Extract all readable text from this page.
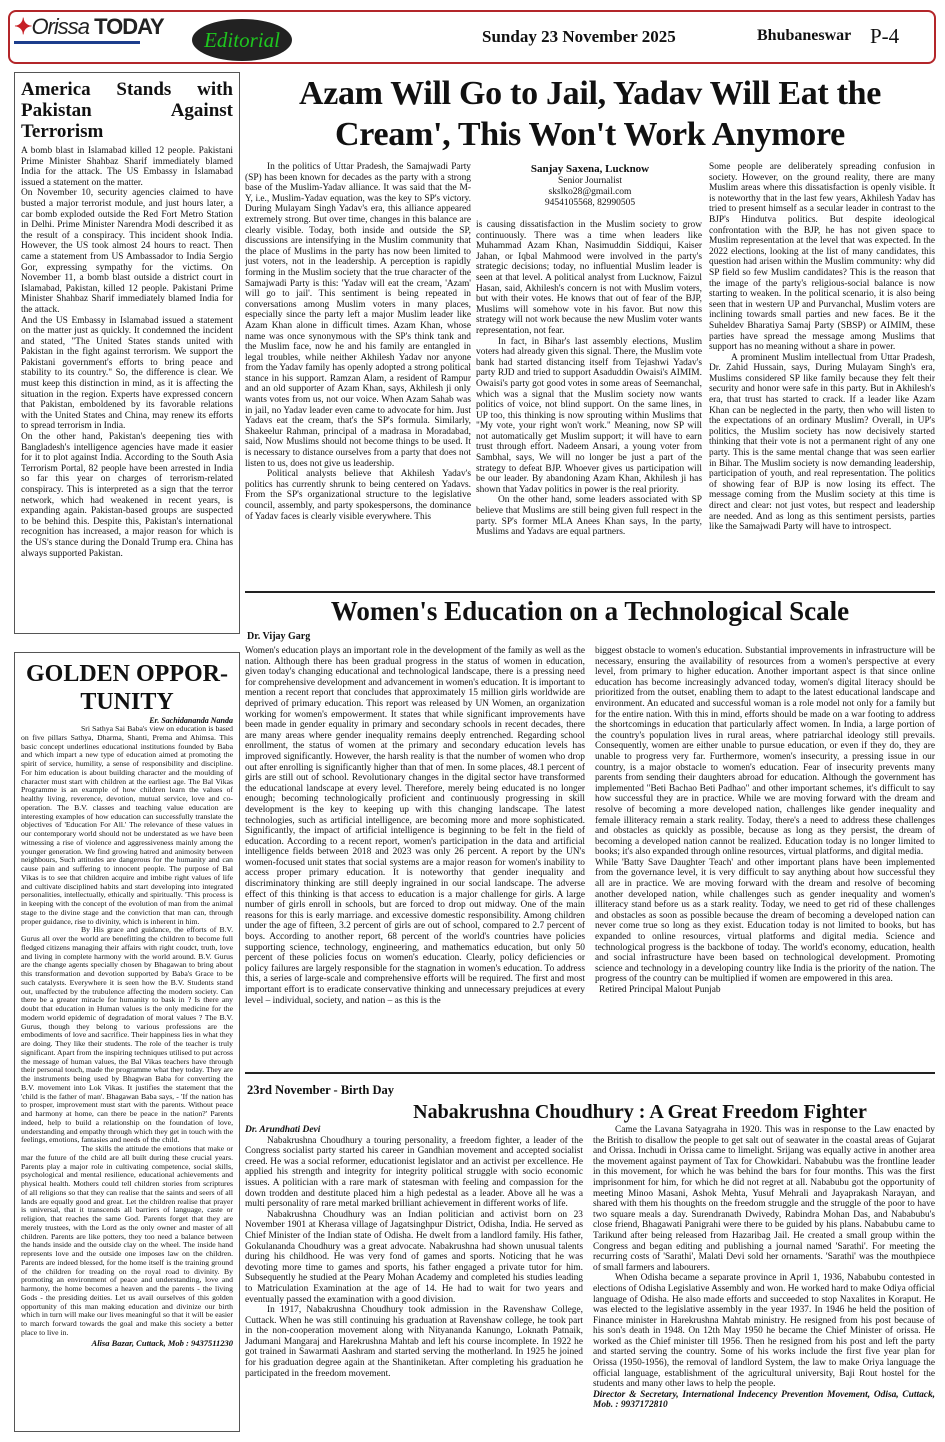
✦Orissa TODAY
Editorial	Sunday 23 November 2025	Bhubaneswar P-4
America Stands with Pakistan Against Terrorism

A bomb blast in Islamabad killed 12 people. Pakistani Prime Minister Shahbaz Sharif immediately blamed India for the attack. The US Embassy in Islamabad issued a statement on the matter.

On November 10, security agencies claimed to have busted a major terrorist module, and just hours later, a car bomb exploded outside the Red Fort Metro Station in Delhi. Prime Minister Narendra Modi described it as the result of a conspiracy. This incident shook India. However, the US took almost 24 hours to react. Then came a statement from US Ambassador to India Sergio Gor, expressing sympathy for the victims. On November 11, a bomb blast outside a district court in Islamabad, Pakistan, killed 12 people. Pakistani Prime Minister Shahbaz Sharif immediately blamed India for the attack.

And the US Embassy in Islamabad issued a statement on the matter just as quickly. It condemned the incident and stated, "The United States stands united with Pakistan in the fight against terrorism. We support the Pakistani government's efforts to bring peace and stability to its country." So, the difference is clear. We must keep this distinction in mind, as it is affecting the situation in the region. Experts have expressed concern that Pakistan, emboldened by its favorable relations with the United States and China, may renew its efforts to spread terrorism in India.

On the other hand, Pakistan's deepening ties with Bangladesh's intelligence agencies have made it easier for it to plot against India. According to the South Asia Terrorism Portal, 82 people have been arrested in India so far this year on charges of terrorism-related conspiracy. This is interpreted as a sign that the terror network, which had weakened in recent years, is expanding again. Pakistan-based groups are suspected to be behind this. Despite this, Pakistan's international recognition has increased, a major reason for which is the US's stance during the Donald Trump era. China has always supported Pakistan.

GOLDEN OPPOR-TUNITY
Er. Sachidananda Nanda

Sri Sathya Sai Baba's view on education is based on five pillars Sathya, Dharma, Shanti, Prema and Ahimsa. This basic concept underlines educational institutions founded by Baba and which impart a new type of education aimed at promoting the spirit of service, humility, a sense of responsibility and discipline. For him education is about building character and the moulding of character must start with children at the earliest age. The Bal Vikas Programme is an example of how children learn the values of healthy living, reverence, devotion, mutual service, love and co-operation. The B.V. classes and teaching value education are interesting examples of how education can successfully translate the objectives of 'Education For All.' The relevance of these values in our contemporary world should not be understated as we have been witnessing a rise of violence and aggressiveness mainly among the younger generation. We find growing hatred and animosity between neighbours, Such attitudes are dangerous for the humanity and can cause pain and suffering to innocent people. The purpose of Bal Vikas is to see that children acquire and imbibe right values of life and cultivate disciplined habits and start developing into integrated personalities, intellectually, ethically and spiritually. 'This process is in keeping with the concept of the evolution of man from the animal stage to the divine stage and the conviction that man can, through proper guidance, rise to divinity, which is inherent in him.

By His grace and guidance, the efforts of B.V. Gurus all over the world are benefitting the children to become full fledged citizens managing their affairs with right coudct, truth, love and living in complete harmony with the world around. B.V. Gurus are the change agents specially chosen by Bhagawan to bring about this transformation and devotion supported by Baba's Grace to be such catalysts. Everywhere it is seen how the B.V. Students stand out, unaffected by the trubulence affecting the modern society. Can there be a greater miracle for humanity to bask in ? Is there any doubt that education in Human values is the only medicine for the modern world epidemic of degradation of moral values ? The B.V. Gurus, though they belong to various professions are the embodiments of love and sacrifice. Their happiness lies in what they are doing. They like their students. The role of the teacher is truly significant. Apart from the inspiring techniques utilised to put across the message of human values, the Bal Vikas teachers have through their personal touch, made the programme what they today. They are the instruments being used by Bhagwan Baba for converting the B.V. movement into Lok Vikas. It justifies the statement that the 'child is the father of man'. Bhagawan Baba says, - 'If the nation has to prosper, improvement must start with the parents. Without peace and harmony at home, can there be peace in the nation?' Parents indeed, help to build a relationship on the foundation of love, understanding and empathy through which they get in touch with the feelings, emotions, fantasies and needs of the child.

The skills the attitude the emotions that make or mar the future of the child are all built during these crucial years. Parents play a major role in cultivating competence, social skills, psychological and mental resilience, educational achievements and physical health. Mothers could tell children stories from scriptures of all religions so that they can realise that the saints and seers of all lands are equally good and great. Let the children realise that prayer is universal, that it transcends all barriers of language, caste or religion, that reaches the same God. Parents forget that they are merely trustees, with the Lord as the only owner and master of all children. Parents are like potters, they too need a balance between the hands inside and the outside clay on the wheel. The inside hand represents love and the outside one imposes law on the children. Parents are indeed blessed, for the home itself is the training ground of the children for treading on the royal road to divinity. By promoting an environment of peace and understanding, love and harmony, the home becomes a heaven and the parents - the living Gods - the presiding deities. Let us avail ourselves of this golden opportunity of this man making education and divinize our birth which in turn will make our lives meaningful so that it will be easier to march forward towards the goal and make this society a better place to live in.

Alisa Bazar, Cuttack, Mob : 9437511230
Azam Will Go to Jail, Yadav Will Eat the Cream', This Won't Work Anymore

In the politics of Uttar Pradesh, the Samajwadi Party (SP) has been known for decades as the party with a strong base of the Muslim-Yadav alliance. It was said that the M-Y, i.e., Muslim-Yadav equation, was the key to SP's victory. During Mulayam Singh Yadav's era, this alliance appeared extremely strong. But over time, changes in this balance are clearly visible. Today, both inside and outside the SP, discussions are intensifying in the Muslim community that the place of Muslims in the party has now been limited to just voters, not in the leadership. A perception is rapidly forming in the Muslim society that the true character of the Samajwadi Party is this: 'Yadav will eat the cream, 'Azam' will go to jail'. This sentiment is being repeated in conversations among Muslim voters in many places, especially since the party left a major Muslim leader like Azam Khan alone in difficult times. Azam Khan, whose name was once synonymous with the SP's think tank and the Muslim face, now he and his family are entangled in legal troubles, while neither Akhilesh Yadav nor anyone from the Yadav family has openly adopted a strong political stance in his support. Ramzan Alam, a resident of Rampur and an old supporter of Azam Khan, says, Akhilesh ji only wants votes from us, not our voice. When Azam Sahab was in jail, no Yadav leader even came to advocate for him. Just Yadavs eat the cream, that's the SP's formula. Similarly, Shakeelur Rahman, principal of a madrasa in Moradabad, said, Now Muslims should not become things to be used. It is necessary to distance ourselves from a party that does not listen to us, does not give us leadership.

Political analysts believe that Akhilesh Yadav's politics has currently shrunk to being centered on Yadavs. From the SP's organizational structure to the legislative council, assembly, and party spokespersons, the dominance of Yadav faces is clearly visible everywhere. This

Sanjay Saxena, Lucknow
Senior Journalist
skslko28@gmail.com
9454105568, 82990505

is causing dissatisfaction in the Muslim society to grow continuously. There was a time when leaders like Muhammad Azam Khan, Nasimuddin Siddiqui, Kaiser Jahan, or Iqbal Mahmood were involved in the party's strategic decisions; today, no influential Muslim leader is seen at that level. A political analyst from Lucknow, Faizul Hasan, said, Akhilesh's concern is not with Muslim voters, but with their votes. He knows that out of fear of the BJP, Muslims will somehow vote in his favor. But now this strategy will not work because the new Muslim voter wants representation, not fear.

In fact, in Bihar's last assembly elections, Muslim voters had already given this signal. There, the Muslim vote bank had started distancing itself from Tejashwi Yadav's party RJD and tried to support Asaduddin Owaisi's AIMIM. Owaisi's party got good votes in some areas of Seemanchal, which was a signal that the Muslim society now wants politics of voice, not blind support. On the same lines, in UP too, this thinking is now sprouting within Muslims that "My vote, your right won't work." Meaning, now SP will not automatically get Muslim support; it will have to earn trust through effort. Nadeem Ansari, a young voter from Sambhal, says, We will no longer be just a part of the strategy to defeat BJP. Whoever gives us participation will be our leader. By abandoning Azam Khan, Akhilesh ji has shown that Yadav politics in power is the real priority.

On the other hand, some leaders associated with SP believe that Muslims are still being given full respect in the party. SP's former MLA Anees Khan says, In the party, Muslims and Yadavs are equal partners.

Some people are deliberately spreading confusion in society. However, on the ground reality, there are many Muslim areas where this dissatisfaction is openly visible. It is noteworthy that in the last few years, Akhilesh Yadav has tried to present himself as a secular leader in contrast to the BJP's Hindutva politics. But despite ideological confrontation with the BJP, he has not given space to Muslim representation at the level that was expected. In the 2022 elections, looking at the list of many candidates, this question had arisen within the Muslim community: why did SP field so few Muslim candidates? This is the reason that the image of the party's religious-social balance is now starting to weaken. In the political scenario, it is also being seen that in western UP and Purvanchal, Muslim voters are inclining towards small parties and new faces. Be it the Suheldev Bharatiya Samaj Party (SBSP) or AIMIM, these parties have spread the message among Muslims that support has no meaning without a share in power.

A prominent Muslim intellectual from Uttar Pradesh, Dr. Zahid Hussain, says, During Mulayam Singh's era, Muslims considered SP like family because they felt their security and honor were safe in this party. But in Akhilesh's era, that trust has started to crack. If a leader like Azam Khan can be neglected in the party, then who will listen to the expectations of an ordinary Muslim? Overall, in UP's politics, the Muslim society has now decisively started thinking that their vote is not a permanent right of any one party. This is the same mental change that was seen earlier in Bihar. The Muslim society is now demanding leadership, participation of youth, and real representation. The politics of showing fear of BJP is now losing its effect. The message coming from the Muslim society at this time is direct and clear: not just votes, but respect and leadership are needed. And as long as this sentiment persists, parties like the Samajwadi Party will have to introspect.

Women's Education on a Technological Scale
Dr. Vijay Garg

Women's education plays an important role in the development of the family as well as the nation. Although there has been gradual progress in the status of women in education, given today's changing educational and technological landscape, there is a pressing need for comprehensive development and advancement in women's education. It is important to mention a recent report that concludes that approximately 15 million girls worldwide are deprived of primary education. This report was released by UN Women, an organization working for women's empowerment. It states that while significant improvements have been made in gender equality in primary and secondary schools in recent decades, there are many areas where gender inequality remains deeply entrenched. Regarding school enrollment, the status of women at the primary and secondary education levels has improved significantly. However, the harsh reality is that the number of women who drop out after enrolling is significantly higher than that of men. In some places, 48.1 percent of girls are still out of school. Revolutionary changes in the digital sector have transformed the educational landscape at every level. Therefore, merely being educated is no longer enough; becoming technologically proficient and continuously progressing in skill development is the key to keeping up with this changing landscape. The latest technologies, such as artificial intelligence, are becoming more and more sophisticated. Significantly, the impact of artificial intelligence is beginning to be felt in the field of education. According to a recent report, women's participation in the data and artificial intelligence fields between 2018 and 2023 was only 26 percent. A report by the UN's women-focused unit states that social systems are a major reason for women's inability to access proper primary education. It is noteworthy that gender inequality and discriminatory thinking are still deeply ingrained in our social landscape. The adverse effect of this thinking is that access to education is a major challenge for girls. A large number of girls enroll in schools, but are forced to drop out midway. One of the main reasons for this is early marriage. and excessive domestic responsibility. Among children under the age of fifteen, 3.2 percent of girls are out of school, compared to 2.7 percent of boys. According to another report, 68 percent of the world's countries have policies supporting science, technology, engineering, and mathematics education, but only 50 percent of these policies focus on women's education. Clearly, policy deficiencies or policy failures are largely responsible for the stagnation in women's education. To address this, a series of large-scale and comprehensive efforts will be required. The first and most important effort is to eradicate conservative thinking and unnecessary prejudices at every level – individual, society, and nation – as this is the

biggest obstacle to women's education. Substantial improvements in infrastructure will be necessary, ensuring the availability of resources from a women's perspective at every level, from primary to higher education. Another important aspect is that since online education has become increasingly advanced today, women's digital literacy should be prioritized from the outset, enabling them to adapt to the latest educational landscape and environment. An educated and successful woman is a role model not only for a family but for the entire nation. With this in mind, efforts should be made on a war footing to address the shortcomings in education that particularly affect women. In India, a large portion of the country's population lives in rural areas, where patriarchal ideology still prevails. Consequently, women are either unable to pursue education, or even if they do, they are unable to progress very far. Furthermore, women's insecurity, a pressing issue in our country, is a major obstacle to women's education. Fear of insecurity prevents many parents from sending their daughters abroad for education. Although the government has implemented "Beti Bachao Beti Padhao" and other important schemes, it's difficult to say how successful they are in practice. While we are moving forward with the dream and resolve of becoming a more developed nation, challenges like gender inequality and female illiteracy remain a stark reality. Today, there's a need to address these challenges and obstacles as quickly as possible, because as long as they persist, the dream of becoming a developed nation cannot be realized. Education today is no longer limited to books; it's also expanded through online resources, virtual platforms, and digital media.

While 'Batty Save Daughter Teach' and other important plans have been implemented from the governance level, it is very difficult to say anything about how successful they all are in practice. We are moving forward with the dream and resolve of becoming another developed nation, while challenges such as gender inequality and women's illiteracy stand before us as a stark reality. Today, we need to get rid of these challenges and obstacles as soon as possible because the dream of becoming a developed nation can never come true so long as they exist. Education today is not limited to books, but has expanded to online resources, virtual platforms and digital media. Science and technological progress is the backbone of today. The world's economy, education, health and social infrastructure have been based on technological development. Promoting science and technology in a developing country like India is the priority of the nation. The progress of the country can be multiplied if women are empowered in this area.

Retired Principal Malout Punjab

23rd November - Birth Day
Nabakrushna Choudhury : A Great Freedom Fighter
Dr. Arundhati Devi

Nabakrushna Choudhury a touring personality, a freedom fighter, a leader of the Congress socialist party started his career in Gandhian movement and accepted socialist creed. He was a social reformer, educationist legislator and an activist per excellence. He applied his strength and integrity for integrity political struggle with socio economic issues. A politician with a rare mark of statesman with feeling and compassion for the down trodden and destitute placed him a high pedestal as a leader. Above all he was a multi personality of rare metal marked brilliant achievement in different works of life.

Nabakrushna Choudhury was an Indian politician and activist born on 23 November 1901 at Kherasa village of Jagatsinghpur District, Odisha, India. He served as Chief Minister of the Indian state of Odisha. He dwelt from a landlord family. His father, Gokulananda Choudhury was a great advocate. Nabakrushna had shown unusual talents during his childhood. He was very fond of games and sports. Noticing that he was devoting more time to games and sports, his father engaged a private tutor for him. Subsequently he studied at the Peary Mohan Academy and completed his studies leading to Matriculation Examination at the age of 14. He had to wait for two years and eventually passed the examination with a good division.

In 1917, Nabakrushna Choudhury took admission in the Ravenshaw College, Cuttack. When he was still continuing his graduation at Ravenshaw college, he took part in the non-cooperation movement along with Nityananda Kanungo, Loknath Patnaik, Jadumani Mangaraj and Harekrushna Mahtab and left his course incomplete. In 1922 he got trained in Sawarmati Aashram and started serving the motherland. In 1925 he joined for his graduation degree again at the Shantiniketan. After completing his graduation he participated in the freedom movement.

Came the Lavana Satyagraha in 1920. This was in response to the Law enacted by the British to disallow the people to get salt out of seawater in the coastal areas of Gujarat and Orissa. Inchudi in Orissa came to limelight. Srijang was equally active in another area the movement against payment of Tax for Chowkidari. Nababubu was the frontline leader in this movement, for which he was behind the bars for four months. This was the first imprisonment for him, for which he did not regret at all. Nababubu got the opportunity of meeting Minoo Masani, Ashok Mehta, Yusuf Mehrali and Jayaprakash Narayan, and shared with them his thoughts on the freedom struggle and the struggle of the poor to have two square meals a day. Surendranath Dwivedy, Rabindra Mohan Das, and Nababubu's close friend, Bhagawati Panigrahi were there to be guided by his plans. Nababubu came to Tarikund after being released from Hazaribag Jail. He created a small group within the Congress and began editing and publishing a journal named 'Sarathi'. For meeting the recurring costs of 'Sarathi', Malati Devi sold her ornaments. 'Sarathi' was the mouthpiece of small farmers and labourers.

When Odisha became a separate province in April 1, 1936, Nababubu contested in elections of Odisha Legislative Assembly and won. He worked hard to make Odiya official language of Odisha. He also made efforts and succeeded to stop Naxalites in Koraput. He was elected to the legislative assembly in the year 1937. In 1946 he held the position of Finance minister in Harekrushna Mahtab ministry. He resigned from his post because of his son's death in 1948. On 12th May 1950 he became the Chief Minister of orissa. He worked as the Chief minister till 1956. Then he resigned from his post and left the party and started serving the country. Some of his works include the first five year plan for Orissa (1950-1956), the removal of landlord System, the law to make Oriya language the official language, establishment of the agricultural university, Baji Rout hostel for the students and many other laws to help the people.

Director & Secretary, International Indecency Prevention Movement, Odisa, Cuttack, Mob. : 9937172810
